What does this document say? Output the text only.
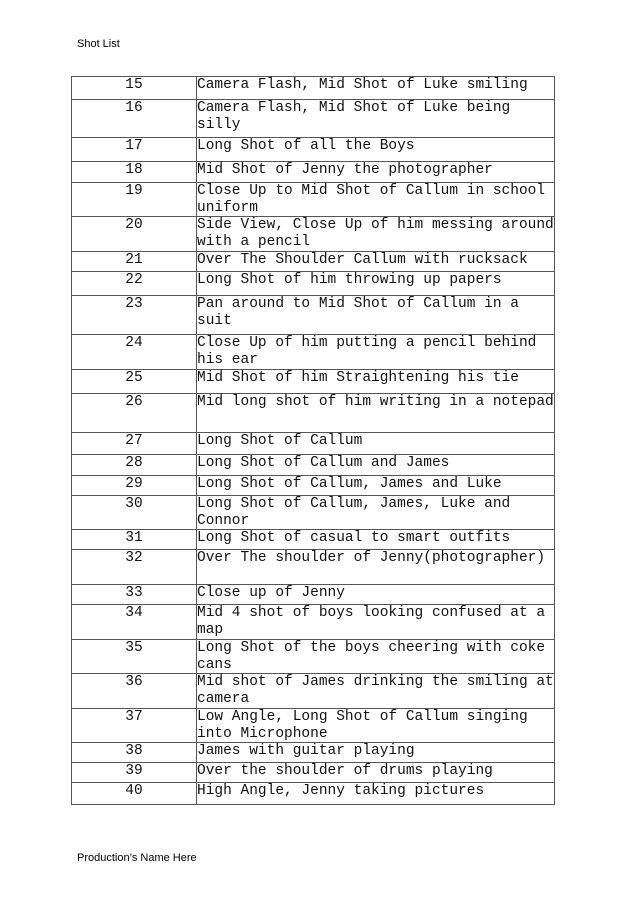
Shot List
15	Camera Flash, Mid Shot of Luke smiling
16	Camera Flash, Mid Shot of Luke being silly
17	Long Shot of all the Boys
18	Mid Shot of Jenny the photographer
19	Close Up to Mid Shot of Callum in school uniform
20	Side View, Close Up of him messing around with a pencil
21	Over The Shoulder Callum with rucksack
22	Long Shot of him throwing up papers
23	Pan around to Mid Shot of Callum in a suit
24	Close Up of him putting a pencil behind his ear
25	Mid Shot of him Straightening his tie
26	Mid long shot of him writing in a notepad
27	Long Shot of Callum
28	Long Shot of Callum and James
29	Long Shot of Callum, James and Luke
30	Long Shot of Callum, James, Luke and Connor
31	Long Shot of casual to smart outfits
32	Over The shoulder of Jenny(photographer)
33	Close up of Jenny
34	Mid 4 shot of boys looking confused at a map
35	Long Shot of the boys cheering with coke cans
36	Mid shot of James drinking the smiling at camera
37	Low Angle, Long Shot of Callum singing into Microphone
38	James with guitar playing
39	Over the shoulder of drums playing
40	High Angle, Jenny taking pictures
Production’s Name Here
